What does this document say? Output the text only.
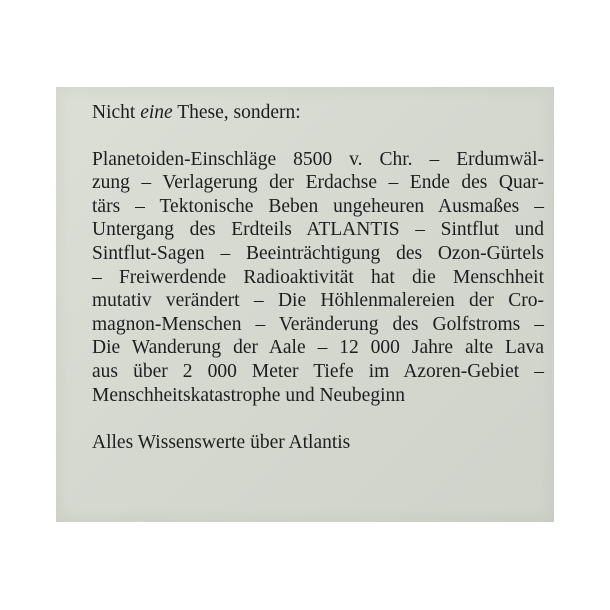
Nicht eine These, sondern:

Planetoiden-Einschläge 8500 v. Chr. – Erdumwäl-
zung – Verlagerung der Erdachse – Ende des Quar-
tärs – Tektonische Beben ungeheuren Ausmaßes –
Untergang des Erdteils ATLANTIS – Sintflut und
Sintflut-Sagen – Beeinträchtigung des Ozon-Gürtels
– Freiwerdende Radioaktivität hat die Menschheit
mutativ verändert – Die Höhlenmalereien der Cro-
magnon-Menschen – Veränderung des Golfstroms –
Die Wanderung der Aale – 12 000 Jahre alte Lava
aus über 2 000 Meter Tiefe im Azoren-Gebiet –
Menschheitskatastrophe und Neubeginn

Alles Wissenswerte über Atlantis
